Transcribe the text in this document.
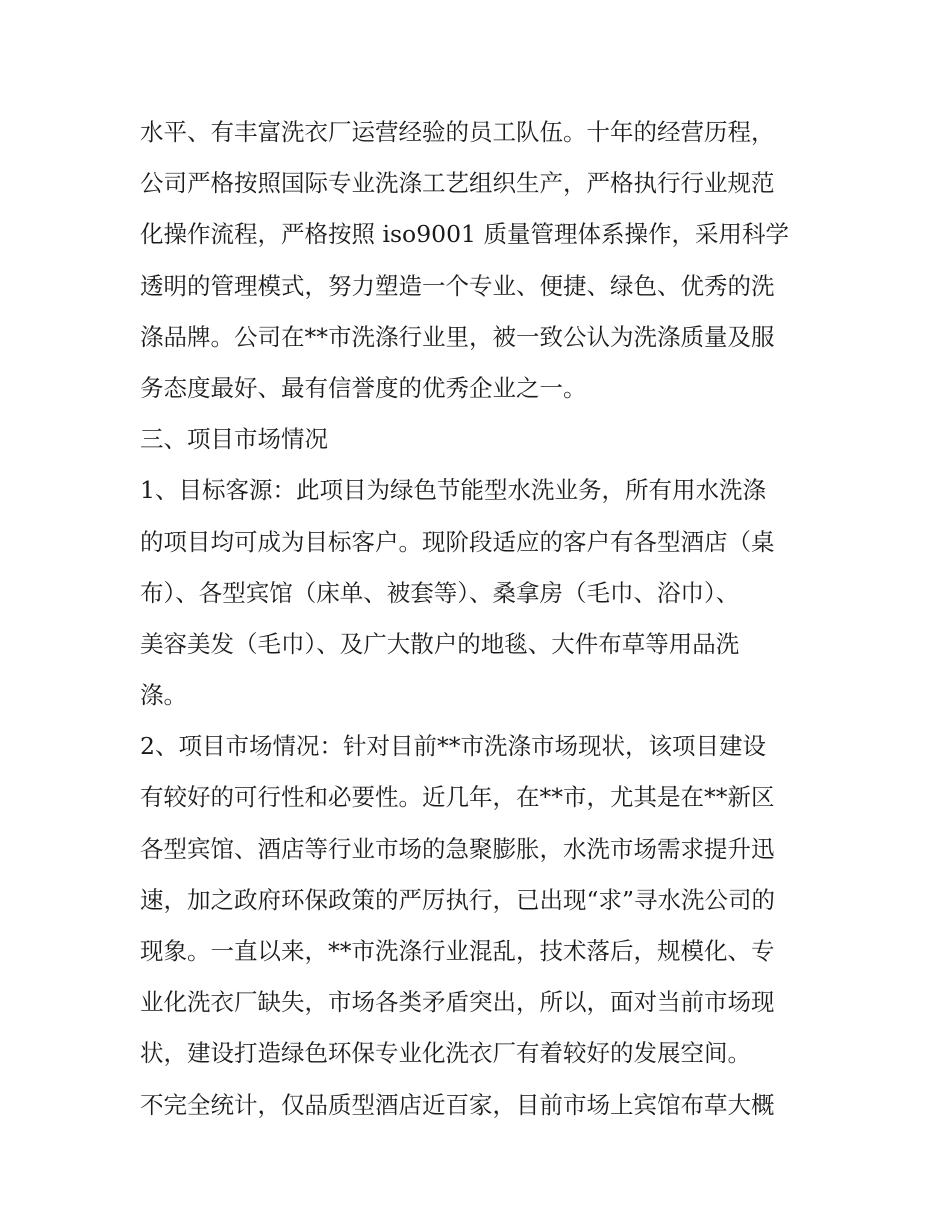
水平、有丰富洗衣厂运营经验的员工队伍。十年的经营历程，
公司严格按照国际专业洗涤工艺组织生产，严格执行行业规范
化操作流程，严格按照 iso9001 质量管理体系操作，采用科学
透明的管理模式，努力塑造一个专业、便捷、绿色、优秀的洗
涤品牌。公司在**市洗涤行业里，被一致公认为洗涤质量及服
务态度最好、最有信誉度的优秀企业之一。
三、项目市场情况
1、目标客源：此项目为绿色节能型水洗业务，所有用水洗涤
的项目均可成为目标客户。现阶段适应的客户有各型酒店（桌
布）、各型宾馆（床单、被套等）、桑拿房（毛巾、浴巾）、
美容美发（毛巾）、及广大散户的地毯、大件布草等用品洗
涤。
2、项目市场情况：针对目前**市洗涤市场现状，该项目建设
有较好的可行性和必要性。近几年，在**市，尤其是在**新区
各型宾馆、酒店等行业市场的急聚膨胀，水洗市场需求提升迅
速，加之政府环保政策的严厉执行，已出现“求”寻水洗公司的
现象。一直以来，**市洗涤行业混乱，技术落后，规模化、专
业化洗衣厂缺失，市场各类矛盾突出，所以，面对当前市场现
状，建设打造绿色环保专业化洗衣厂有着较好的发展空间。
不完全统计，仅品质型酒店近百家，目前市场上宾馆布草大概
